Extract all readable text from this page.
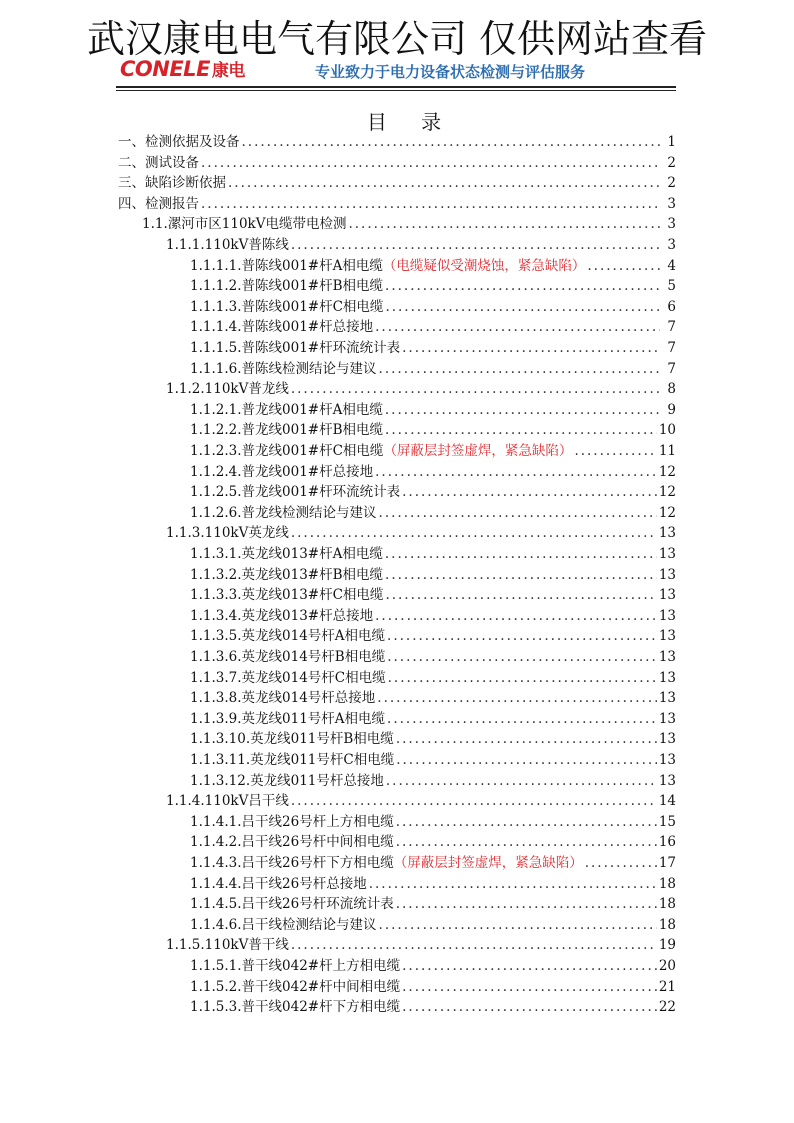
武汉康电电气有限公司 仅供网站查看
CONELE 康电	专业致力于电力设备状态检测与评估服务
目 录
一、检测依据及设备 .....	1
二、测试设备 .....	2
三、缺陷诊断依据 .....	2
四、检测报告 .....	3
1.1.漯河市区110kV电缆带电检测 .....	3
1.1.1.110kV普陈线 .....	3
1.1.1.1.普陈线001#杆A相电缆 （电缆疑似受潮烧蚀，紧急缺陷） .....	4
1.1.1.2.普陈线001#杆B相电缆 .....	5
1.1.1.3.普陈线001#杆C相电缆 .....	6
1.1.1.4.普陈线001#杆总接地 .....	7
1.1.1.5.普陈线001#杆环流统计表 .....	7
1.1.1.6.普陈线检测结论与建议 .....	7
1.1.2.110kV普龙线 .....	8
1.1.2.1.普龙线001#杆A相电缆 .....	9
1.1.2.2.普龙线001#杆B相电缆 .....	10
1.1.2.3.普龙线001#杆C相电缆 （屏蔽层封签虚焊，紧急缺陷） .....	11
1.1.2.4.普龙线001#杆总接地 .....	12
1.1.2.5.普龙线001#杆环流统计表 .....	12
1.1.2.6.普龙线检测结论与建议 .....	12
1.1.3.110kV英龙线 .....	13
1.1.3.1.英龙线013#杆A相电缆 .....	13
1.1.3.2.英龙线013#杆B相电缆 .....	13
1.1.3.3.英龙线013#杆C相电缆 .....	13
1.1.3.4.英龙线013#杆总接地 .....	13
1.1.3.5.英龙线014号杆A相电缆 .....	13
1.1.3.6.英龙线014号杆B相电缆 .....	13
1.1.3.7.英龙线014号杆C相电缆 .....	13
1.1.3.8.英龙线014号杆总接地 .....	13
1.1.3.9.英龙线011号杆A相电缆 .....	13
1.1.3.10.英龙线011号杆B相电缆 .....	13
1.1.3.11.英龙线011号杆C相电缆 .....	13
1.1.3.12.英龙线011号杆总接地 .....	13
1.1.4.110kV吕干线 .....	14
1.1.4.1.吕干线26号杆上方相电缆 .....	15
1.1.4.2.吕干线26号杆中间相电缆 .....	16
1.1.4.3.吕干线26号杆下方相电缆 （屏蔽层封签虚焊，紧急缺陷） .....	17
1.1.4.4.吕干线26号杆总接地 .....	18
1.1.4.5.吕干线26号杆环流统计表 .....	18
1.1.4.6.吕干线检测结论与建议 .....	18
1.1.5.110kV普干线 .....	19
1.1.5.1.普干线042#杆上方相电缆 .....	20
1.1.5.2.普干线042#杆中间相电缆 .....	21
1.1.5.3.普干线042#杆下方相电缆 .....	22
